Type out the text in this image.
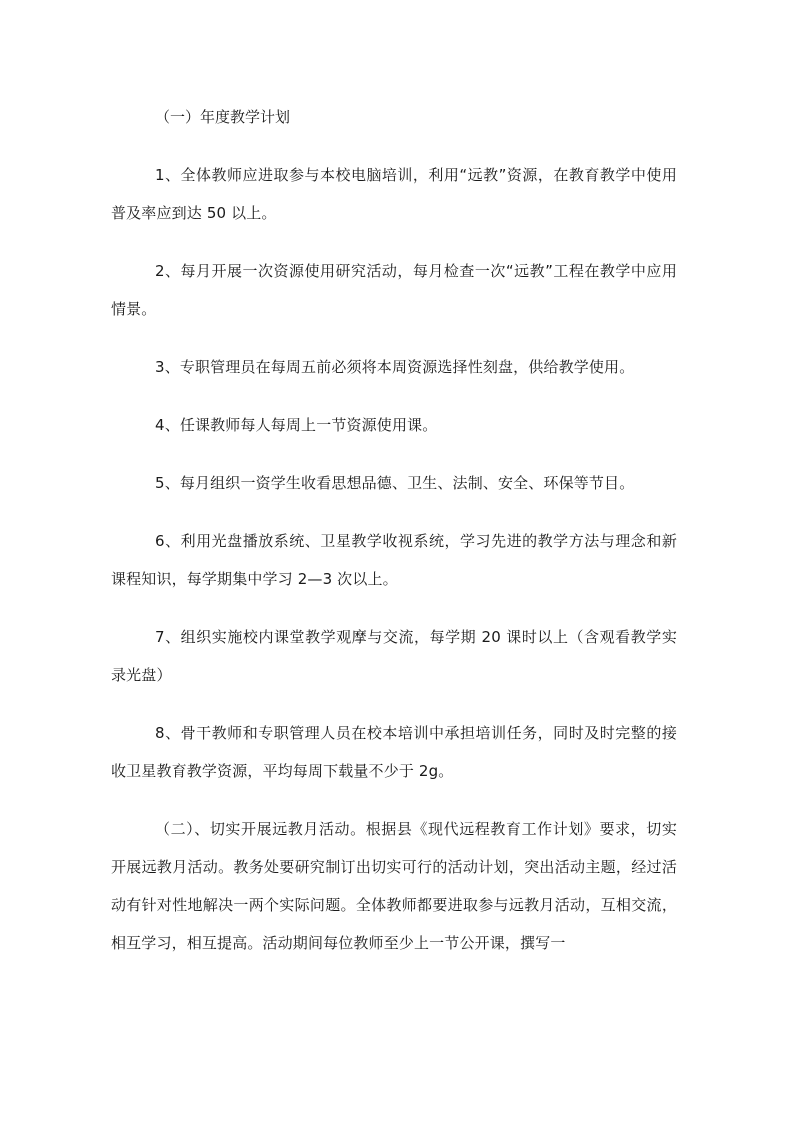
（一）年度教学计划

1、全体教师应进取参与本校电脑培训，利用“远教”资源，在教育教学中使用普及率应到达 50 以上。

2、每月开展一次资源使用研究活动，每月检查一次“远教”工程在教学中应用情景。

3、专职管理员在每周五前必须将本周资源选择性刻盘，供给教学使用。

4、任课教师每人每周上一节资源使用课。

5、每月组织一资学生收看思想品德、卫生、法制、安全、环保等节目。

6、利用光盘播放系统、卫星教学收视系统，学习先进的教学方法与理念和新课程知识，每学期集中学习 2—3 次以上。

7、组织实施校内课堂教学观摩与交流，每学期 20 课时以上（含观看教学实录光盘）

8、骨干教师和专职管理人员在校本培训中承担培训任务，同时及时完整的接收卫星教育教学资源，平均每周下载量不少于 2g。

（二）、切实开展远教月活动。根据县《现代远程教育工作计划》要求，切实开展远教月活动。教务处要研究制订出切实可行的活动计划，突出活动主题，经过活动有针对性地解决一两个实际问题。全体教师都要进取参与远教月活动，互相交流，相互学习，相互提高。活动期间每位教师至少上一节公开课，撰写一
